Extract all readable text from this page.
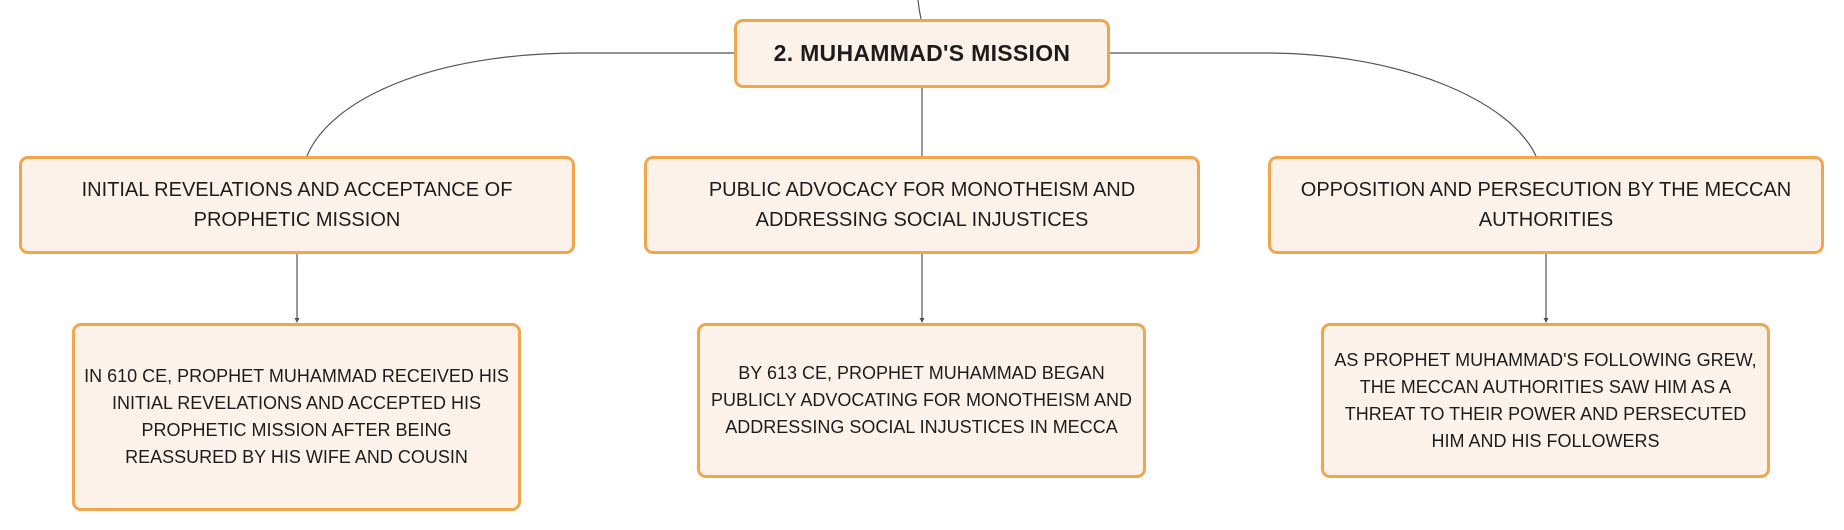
2. MUHAMMAD'S MISSION
INITIAL REVELATIONS AND ACCEPTANCE OF PROPHETIC MISSION
PUBLIC ADVOCACY FOR MONOTHEISM AND ADDRESSING SOCIAL INJUSTICES
OPPOSITION AND PERSECUTION BY THE MECCAN AUTHORITIES
IN 610 CE, PROPHET MUHAMMAD RECEIVED HIS INITIAL REVELATIONS AND ACCEPTED HIS PROPHETIC MISSION AFTER BEING REASSURED BY HIS WIFE AND COUSIN
BY 613 CE, PROPHET MUHAMMAD BEGAN PUBLICLY ADVOCATING FOR MONOTHEISM AND ADDRESSING SOCIAL INJUSTICES IN MECCA
AS PROPHET MUHAMMAD'S FOLLOWING GREW, THE MECCAN AUTHORITIES SAW HIM AS A THREAT TO THEIR POWER AND PERSECUTED HIM AND HIS FOLLOWERS
